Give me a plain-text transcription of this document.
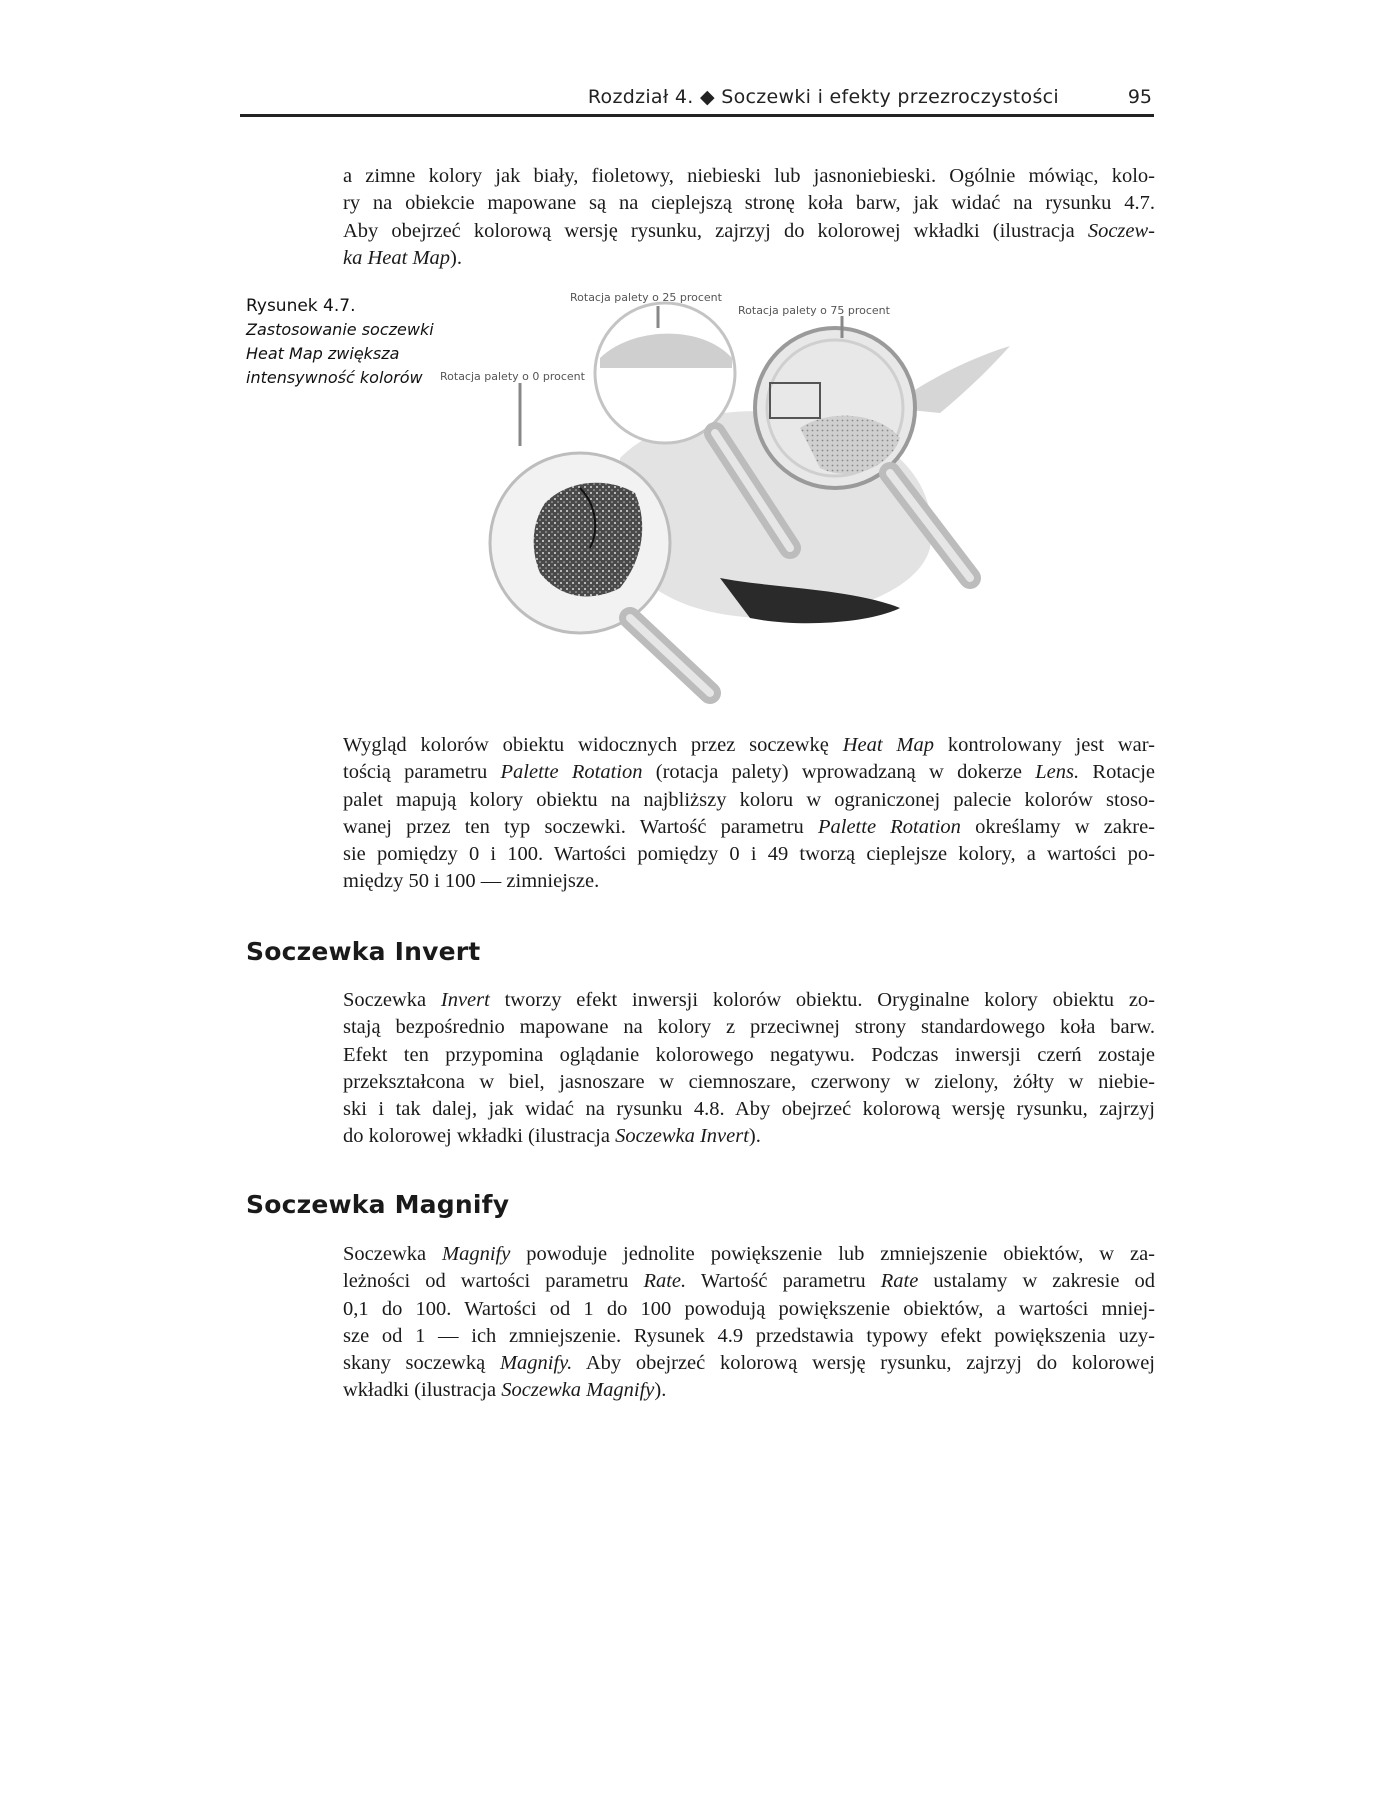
Rozdział 4. ◆ Soczewki i efekty przezroczystości	95
a zimne kolory jak biały, fioletowy, niebieski lub jasnoniebieski. Ogólnie mówiąc, kolo-
ry na obiekcie mapowane są na cieplejszą stronę koła barw, jak widać na rysunku 4.7.
Aby obejrzeć kolorową wersję rysunku, zajrzyj do kolorowej wkładki (ilustracja Soczew-
ka Heat Map).
Rysunek 4.7.
Zastosowanie soczewki Heat Map zwiększa intensywność kolorów
Rotacja palety o 25 procent
Rotacja palety o 75 procent
Rotacja palety o 0 procent
Wygląd kolorów obiektu widocznych przez soczewkę Heat Map kontrolowany jest war-
tością parametru Palette Rotation (rotacja palety) wprowadzaną w dokerze Lens. Rotacje
palet mapują kolory obiektu na najbliższy koloru w ograniczonej palecie kolorów stoso-
wanej przez ten typ soczewki. Wartość parametru Palette Rotation określamy w zakre-
sie pomiędzy 0 i 100. Wartości pomiędzy 0 i 49 tworzą cieplejsze kolory, a wartości po-
między 50 i 100 — zimniejsze.
Soczewka Invert
Soczewka Invert tworzy efekt inwersji kolorów obiektu. Oryginalne kolory obiektu zo-
stają bezpośrednio mapowane na kolory z przeciwnej strony standardowego koła barw.
Efekt ten przypomina oglądanie kolorowego negatywu. Podczas inwersji czerń zostaje
przekształcona w biel, jasnoszare w ciemnoszare, czerwony w zielony, żółty w niebie-
ski i tak dalej, jak widać na rysunku 4.8. Aby obejrzeć kolorową wersję rysunku, zajrzyj
do kolorowej wkładki (ilustracja Soczewka Invert).
Soczewka Magnify
Soczewka Magnify powoduje jednolite powiększenie lub zmniejszenie obiektów, w za-
leżności od wartości parametru Rate. Wartość parametru Rate ustalamy w zakresie od
0,1 do 100. Wartości od 1 do 100 powodują powiększenie obiektów, a wartości mniej-
sze od 1 — ich zmniejszenie. Rysunek 4.9 przedstawia typowy efekt powiększenia uzy-
skany soczewką Magnify. Aby obejrzeć kolorową wersję rysunku, zajrzyj do kolorowej
wkładki (ilustracja Soczewka Magnify).
